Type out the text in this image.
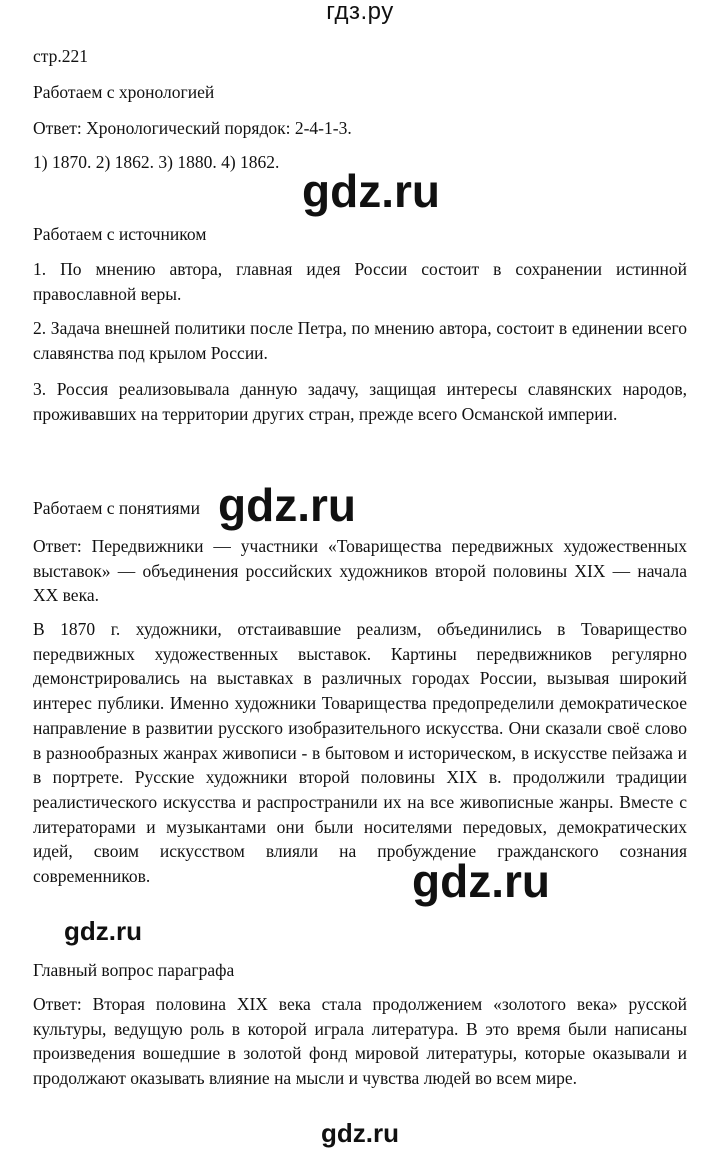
гдз.ру

стр.221

Работаем с хронологией

Ответ: Хронологический порядок: 2-4-1-3.

1) 1870. 2) 1862. 3) 1880. 4) 1862.

gdz.ru

Работаем с источником

1. По мнению автора, главная идея России состоит в сохранении истинной православной веры.

2. Задача внешней политики после Петра, по мнению автора, состоит в единении всего славянства под крылом России.

3. Россия реализовывала данную задачу, защищая интересы славянских народов, проживавших на территории других стран, прежде всего Османской империи.

Работаем с понятиями gdz.ru

Ответ: Передвижники — участники «Товарищества передвижных художественных выставок» — объединения российских художников второй половины XIX — начала XX века.

В 1870 г. художники, отстаивавшие реализм, объединились в Товарищество передвижных художественных выставок. Картины передвижников регулярно демонстрировались на выставках в различных городах России, вызывая широкий интерес публики. Именно художники Товарищества предопределили демократическое направление в развитии русского изобразительного искусства. Они сказали своё слово в разнообразных жанрах живописи - в бытовом и историческом, в искусстве пейзажа и в портрете. Русские художники второй половины XIX в. продолжили традиции реалистического искусства и распространили их на все живописные жанры. Вместе с литераторами и музыкантами они были носителями передовых, демократических идей, своим искусством влияли на пробуждение гражданского сознания современников.	gdz.ru
gdz.ru

Главный вопрос параграфа

Ответ: Вторая половина XIX века стала продолжением «золотого века» русской культуры, ведущую роль в которой играла литература. В это время были написаны произведения вошедшие в золотой фонд мировой литературы, которые оказывали и продолжают оказывать влияние на мысли и чувства людей во всем мире.

gdz.ru
